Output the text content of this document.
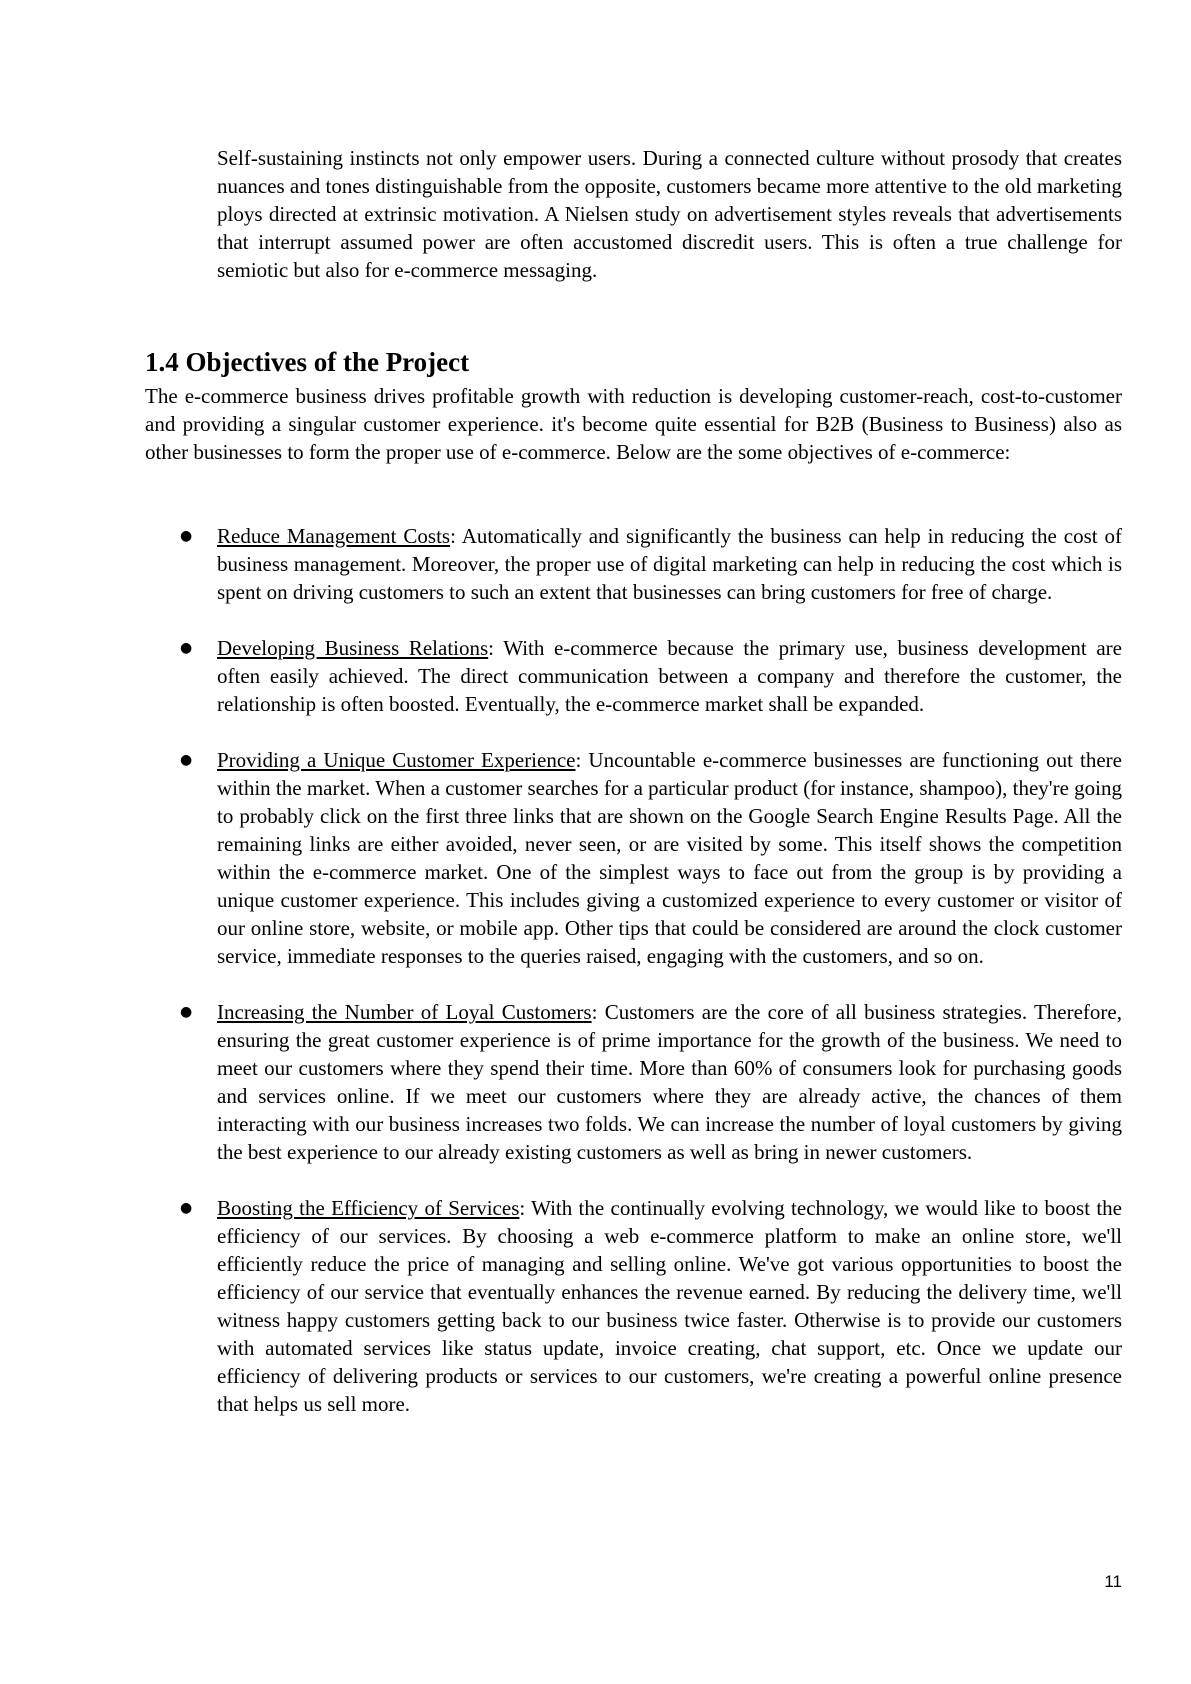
Self-sustaining instincts not only empower users. During a connected culture without prosody that creates nuances and tones distinguishable from the opposite, customers became more attentive to the old marketing ploys directed at extrinsic motivation. A Nielsen study on advertisement styles reveals that advertisements that interrupt assumed power are often accustomed discredit users. This is often a true challenge for semiotic but also for e-commerce messaging.

1.4 Objectives of the Project

The e-commerce business drives profitable growth with reduction is developing customer-reach, cost-to-customer and providing a singular customer experience. it's become quite essential for B2B (Business to Business) also as other businesses to form the proper use of e-commerce. Below are the some objectives of e-commerce:

● Reduce Management Costs: Automatically and significantly the business can help in reducing the cost of business management. Moreover, the proper use of digital marketing can help in reducing the cost which is spent on driving customers to such an extent that businesses can bring customers for free of charge.
● Developing Business Relations: With e-commerce because the primary use, business development are often easily achieved. The direct communication between a company and therefore the customer, the relationship is often boosted. Eventually, the e-commerce market shall be expanded.
● Providing a Unique Customer Experience: Uncountable e-commerce businesses are functioning out there within the market. When a customer searches for a particular product (for instance, shampoo), they're going to probably click on the first three links that are shown on the Google Search Engine Results Page. All the remaining links are either avoided, never seen, or are visited by some. This itself shows the competition within the e-commerce market. One of the simplest ways to face out from the group is by providing a unique customer experience. This includes giving a customized experience to every customer or visitor of our online store, website, or mobile app. Other tips that could be considered are around the clock customer service, immediate responses to the queries raised, engaging with the customers, and so on.
● Increasing the Number of Loyal Customers: Customers are the core of all business strategies. Therefore, ensuring the great customer experience is of prime importance for the growth of the business. We need to meet our customers where they spend their time. More than 60% of consumers look for purchasing goods and services online. If we meet our customers where they are already active, the chances of them interacting with our business increases two folds. We can increase the number of loyal customers by giving the best experience to our already existing customers as well as bring in newer customers.
● Boosting the Efficiency of Services: With the continually evolving technology, we would like to boost the efficiency of our services. By choosing a web e-commerce platform to make an online store, we'll efficiently reduce the price of managing and selling online. We've got various opportunities to boost the efficiency of our service that eventually enhances the revenue earned. By reducing the delivery time, we'll witness happy customers getting back to our business twice faster. Otherwise is to provide our customers with automated services like status update, invoice creating, chat support, etc. Once we update our efficiency of delivering products or services to our customers, we're creating a powerful online presence that helps us sell more.

11
